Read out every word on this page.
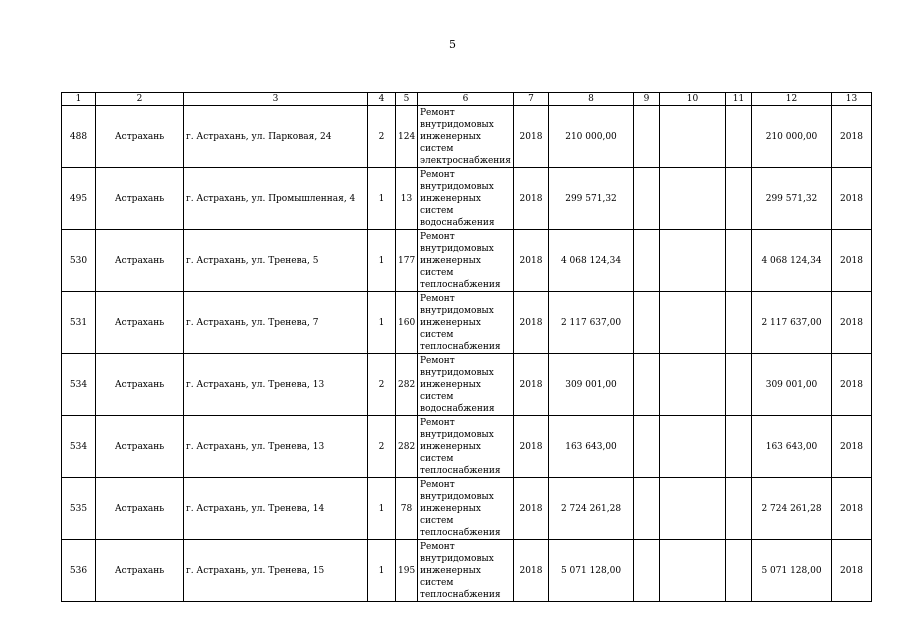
5
1	2	3	4	5	6	7	8	9	10	11	12	13
488	Астрахань	г. Астрахань, ул. Парковая, 24	2	124	Ремонт
внутридомовых
инженерных
систем
электроснабжения	2018	210 000,00				210 000,00	2018
495	Астрахань	г. Астрахань, ул. Промышленная, 4	1	13	Ремонт
внутридомовых
инженерных
систем
водоснабжения	2018	299 571,32				299 571,32	2018
530	Астрахань	г. Астрахань, ул. Тренева, 5	1	177	Ремонт
внутридомовых
инженерных
систем
теплоснабжения	2018	4 068 124,34				4 068 124,34	2018
531	Астрахань	г. Астрахань, ул. Тренева, 7	1	160	Ремонт
внутридомовых
инженерных
систем
теплоснабжения	2018	2 117 637,00				2 117 637,00	2018
534	Астрахань	г. Астрахань, ул. Тренева, 13	2	282	Ремонт
внутридомовых
инженерных
систем
водоснабжения	2018	309 001,00				309 001,00	2018
534	Астрахань	г. Астрахань, ул. Тренева, 13	2	282	Ремонт
внутридомовых
инженерных
систем
теплоснабжения	2018	163 643,00				163 643,00	2018
535	Астрахань	г. Астрахань, ул. Тренева, 14	1	78	Ремонт
внутридомовых
инженерных
систем
теплоснабжения	2018	2 724 261,28				2 724 261,28	2018
536	Астрахань	г. Астрахань, ул. Тренева, 15	1	195	Ремонт
внутридомовых
инженерных
систем
теплоснабжения	2018	5 071 128,00				5 071 128,00	2018
